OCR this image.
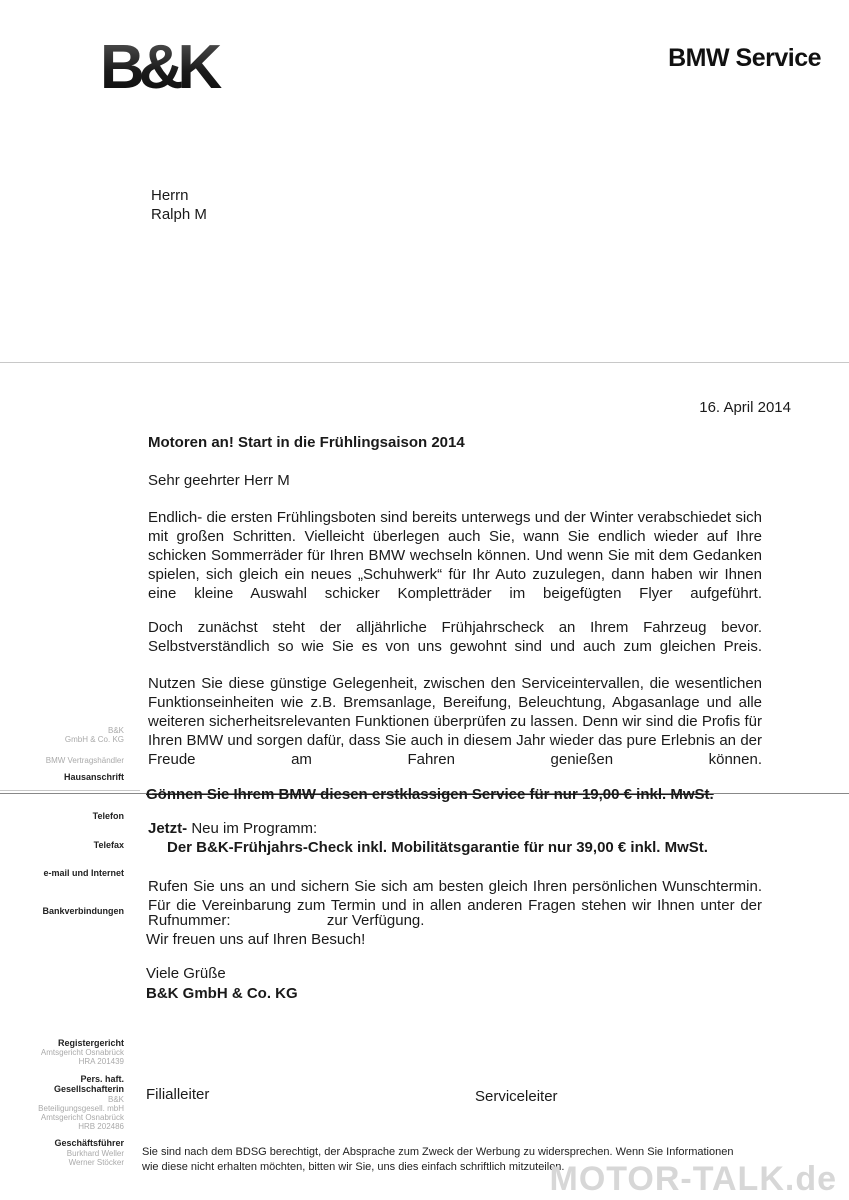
B&K	BMW Service
Herrn
Ralph M
16. April 2014
Motoren an! Start in die Frühlingsaison 2014
Sehr geehrter Herr M
Endlich- die ersten Frühlingsboten sind bereits unterwegs und der Winter verabschiedet sich mit großen Schritten. Vielleicht überlegen auch Sie, wann Sie endlich wieder auf Ihre schicken Sommerräder für Ihren BMW wechseln können. Und wenn Sie mit dem Gedanken spielen, sich gleich ein neues „Schuhwerk“ für Ihr Auto zuzulegen, dann haben wir Ihnen eine kleine Auswahl schicker Kompletträder im beigefügten Flyer aufgeführt.
Doch zunächst steht der alljährliche Frühjahrscheck an Ihrem Fahrzeug bevor. Selbstverständlich so wie Sie es von uns gewohnt sind und auch zum gleichen Preis.
Nutzen Sie diese günstige Gelegenheit, zwischen den Serviceintervallen, die wesentlichen Funktionseinheiten wie z.B. Bremsanlage, Bereifung, Beleuchtung, Abgasanlage und alle weiteren sicherheitsrelevanten Funktionen überprüfen zu lassen. Denn wir sind die Profis für Ihren BMW und sorgen dafür, dass Sie auch in diesem Jahr wieder das pure Erlebnis an der Freude am Fahren genießen können.
Gönnen Sie Ihrem BMW diesen erstklassigen Service für nur 19,00 € inkl. MwSt.
Jetzt- Neu im Programm:
Der B&K-Frühjahrs-Check inkl. Mobilitätsgarantie für nur 39,00 € inkl. MwSt.
Rufen Sie uns an und sichern Sie sich am besten gleich Ihren persönlichen Wunschtermin. Für die Vereinbarung zum Termin und in allen anderen Fragen stehen wir Ihnen unter der
Rufnummer:	zur Verfügung.
Wir freuen uns auf Ihren Besuch!
Viele Grüße
B&K GmbH & Co. KG
Filialleiter	Serviceleiter
Sie sind nach dem BDSG berechtigt, der Absprache zum Zweck der Werbung zu widersprechen. Wenn Sie Informationen
wie diese nicht erhalten möchten, bitten wir Sie, uns dies einfach schriftlich mitzuteilen.
B&K
GmbH & Co. KG
BMW Vertragshändler
Hausanschrift
Telefon
Telefax
e-mail und Internet
Bankverbindungen
Registergericht
Amtsgericht Osnabrück
HRA 201439
Pers. haft.
Gesellschafterin
B&K
Beteiligungsgesell. mbH
Amtsgericht Osnabrück
HRB 202486
Geschäftsführer
Burkhard Weller
Werner Stöcker	MOTOR-TALK.de
